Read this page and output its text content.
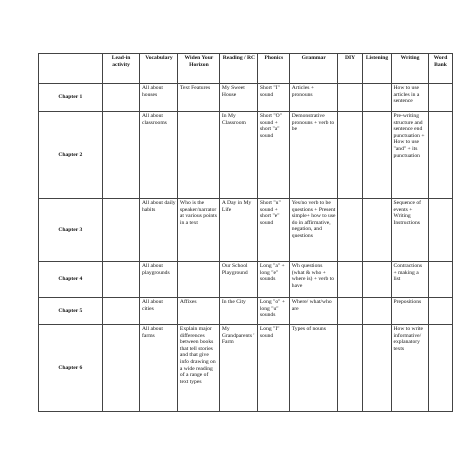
	Lead-in activity	Vocabulary	Widen Your Horizon	Reading / RC	Phonics	Grammar	DIY	Listening	Writing	Word Bank
Chapter 1		All about houses	Text Features	My Sweet House	Short "I" sound	Articles + pronouns			How to use articles in a sentence	
Chapter 2		All about classrooms		In My Classroom	Short "O" sound + short "a" sound	Demonstrative pronouns + verb to be			Pre-writing structure and sentence end punctuation + How to use "and" + its punctuation	
Chapter 3		All about daily habits	Who is the speaker/narrator at various points in a text	A Day in My Life	Short "u" sound + short "e" sound	Yes/no verb to be questions + Present simple+ how to use do in affirmative, negation, and questions			Sequence of events + Writing Instructions	
Chapter 4		All about playgrounds		Our School Playground	Long "a" + long "e" sounds	Wh questions (what & who + where is) + verb to have			Contractions + making a list	
Chapter 5		All about cities	Affixes	In the City	Long "o" + long "u" sounds	Where/ what/who are			Prepositions	
Chapter 6		All about farms	Explain major differences between books that tell stories and that give info drawing on a wide reading of a range of text types	My Grandparents ' Farm	Long "I" sound	Types of nouns			How to write informative/ explanatory texts	
